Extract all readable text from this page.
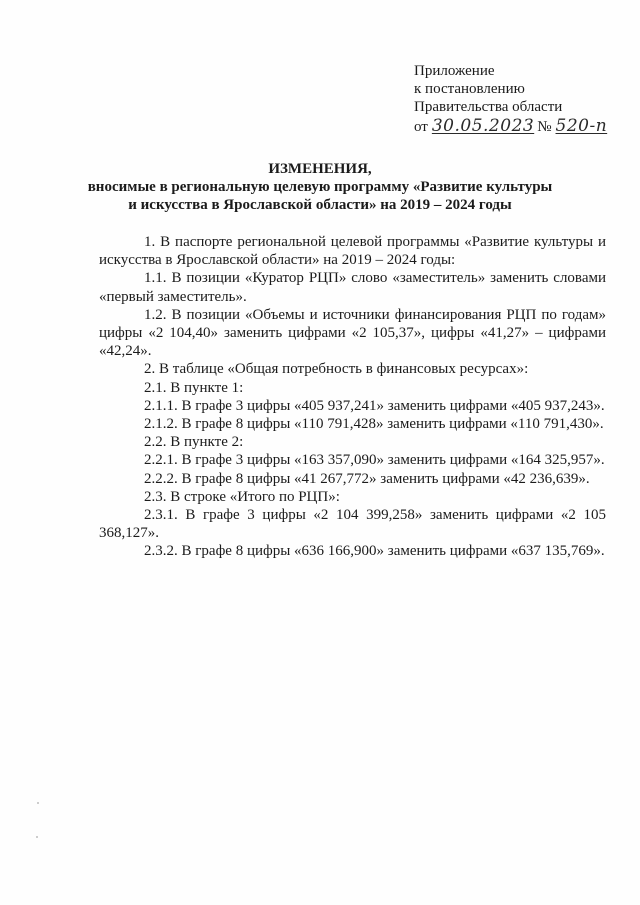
Приложение
к постановлению
Правительства области
от 30.05.2023 № 520-п
ИЗМЕНЕНИЯ,
вносимые в региональную целевую программу «Развитие культуры
и искусства в Ярославской области» на 2019 – 2024 годы

1. В паспорте региональной целевой программы «Развитие культуры и искусства в Ярославской области» на 2019 – 2024 годы:

1.1. В позиции «Куратор РЦП» слово «заместитель» заменить словами «первый заместитель».

1.2. В позиции «Объемы и источники финансирования РЦП по годам» цифры «2 104,40» заменить цифрами «2 105,37», цифры «41,27» – цифрами «42,24».

2. В таблице «Общая потребность в финансовых ресурсах»:

2.1. В пункте 1:

2.1.1. В графе 3 цифры «405 937,241» заменить цифрами «405 937,243».

2.1.2. В графе 8 цифры «110 791,428» заменить цифрами «110 791,430».

2.2. В пункте 2:

2.2.1. В графе 3 цифры «163 357,090» заменить цифрами «164 325,957».

2.2.2. В графе 8 цифры «41 267,772» заменить цифрами «42 236,639».

2.3. В строке «Итого по РЦП»:

2.3.1. В графе 3 цифры «2 104 399,258» заменить цифрами «2 105 368,127».

2.3.2. В графе 8 цифры «636 166,900» заменить цифрами «637 135,769».
